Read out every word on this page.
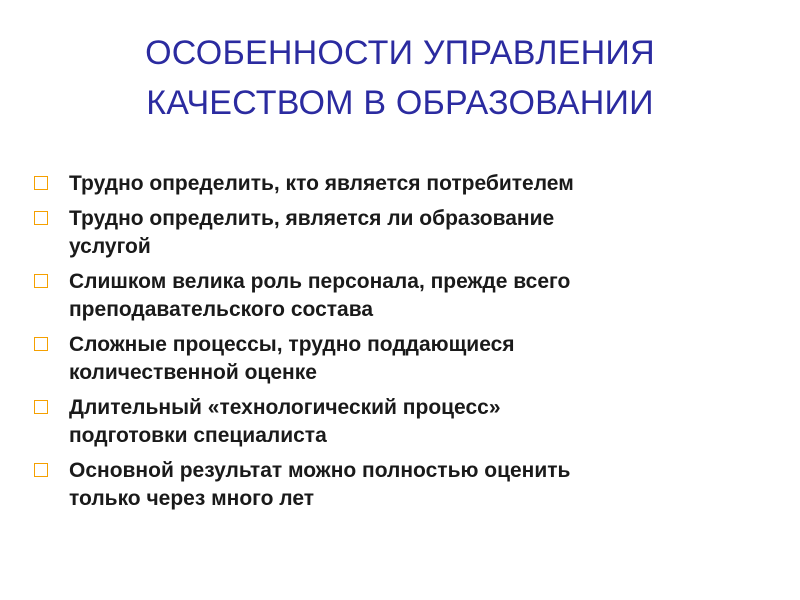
ОСОБЕННОСТИ УПРАВЛЕНИЯ
КАЧЕСТВОМ В ОБРАЗОВАНИИ
Трудно определить, кто является потребителем
Трудно определить, является ли образование
услугой
Слишком велика роль персонала, прежде всего
преподавательского состава
Сложные процессы, трудно поддающиеся
количественной оценке
Длительный «технологический процесс»
подготовки специалиста
Основной результат можно полностью оценить
только через много лет
